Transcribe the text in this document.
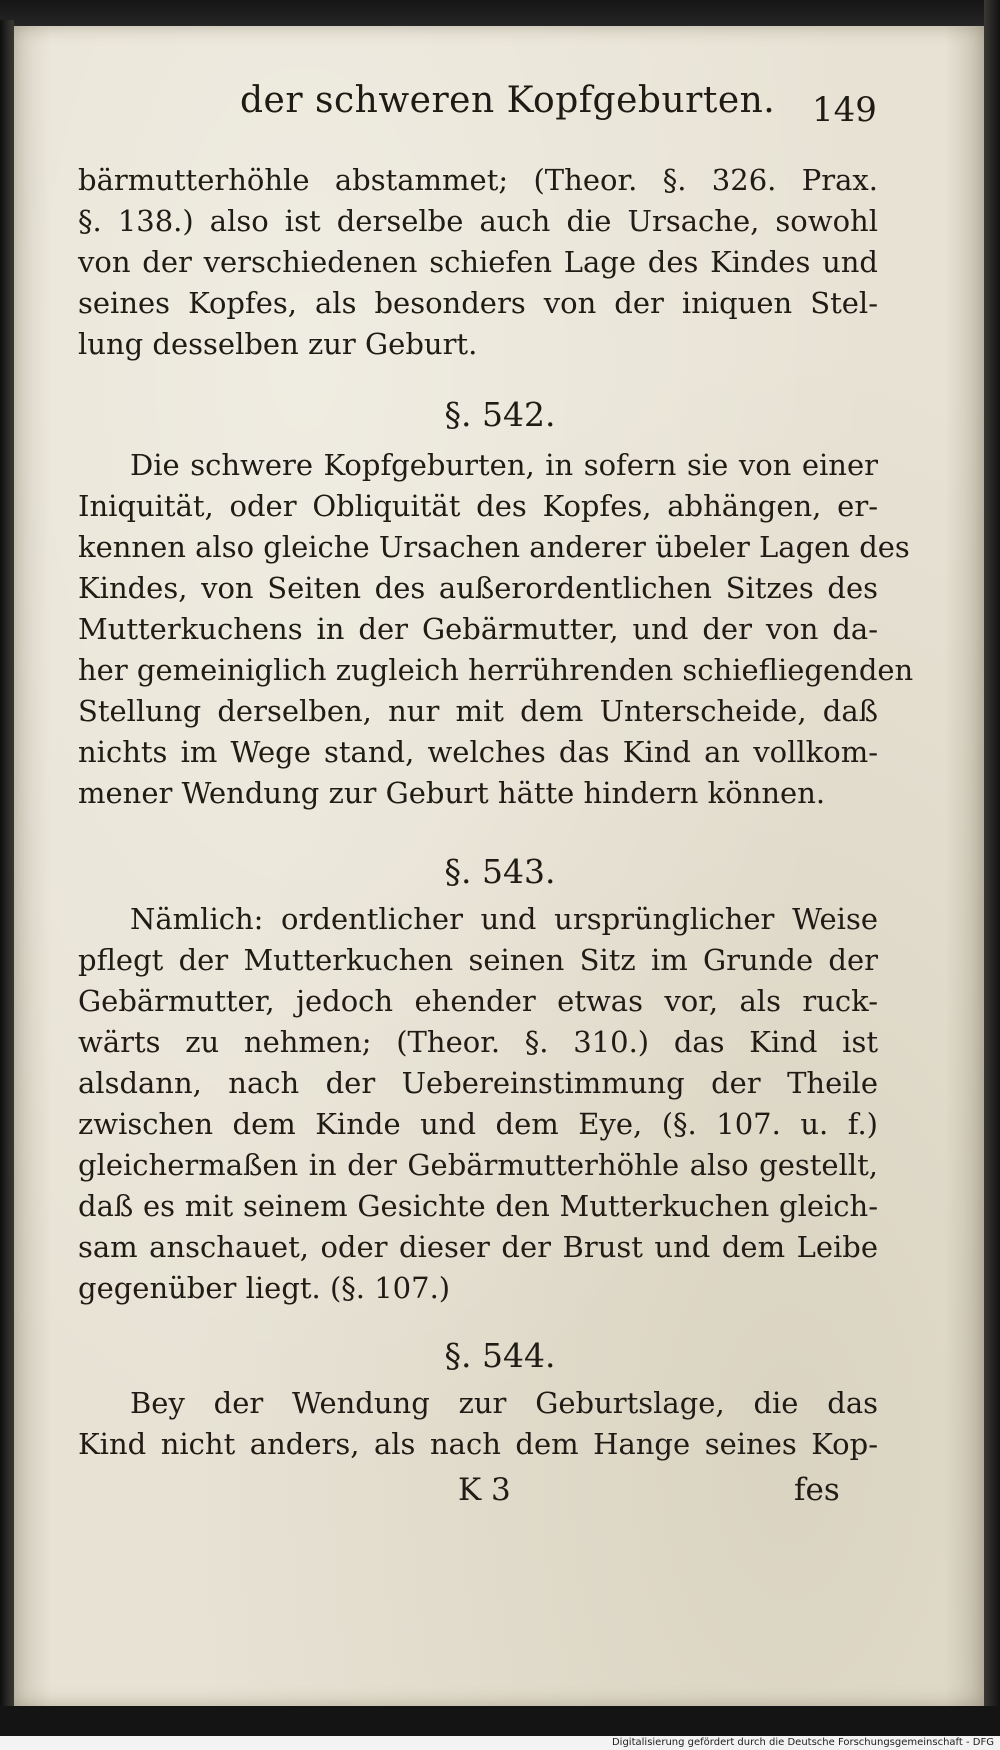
der schweren Kopfgeburten. 149
bärmutterhöhle abstammet; (Theor. §. 326. Prax.
§. 138.) also ist derselbe auch die Ursache, sowohl
von der verschiedenen schiefen Lage des Kindes und
seines Kopfes, als besonders von der iniquen Stel-
lung desselben zur Geburt.
§. 542.
Die schwere Kopfgeburten, in sofern sie von einer
Iniquität, oder Obliquität des Kopfes, abhängen, er-
kennen also gleiche Ursachen anderer übeler Lagen des
Kindes, von Seiten des außerordentlichen Sitzes des
Mutterkuchens in der Gebärmutter, und der von da-
her gemeiniglich zugleich herrührenden schiefliegenden
Stellung derselben, nur mit dem Unterscheide, daß
nichts im Wege stand, welches das Kind an vollkom-
mener Wendung zur Geburt hätte hindern können.
§. 543.
Nämlich: ordentlicher und ursprünglicher Weise
pflegt der Mutterkuchen seinen Sitz im Grunde der
Gebärmutter, jedoch ehender etwas vor, als ruck-
wärts zu nehmen; (Theor. §. 310.) das Kind ist
alsdann, nach der Uebereinstimmung der Theile
zwischen dem Kinde und dem Eye, (§. 107. u. f.)
gleichermaßen in der Gebärmutterhöhle also gestellt,
daß es mit seinem Gesichte den Mutterkuchen gleich-
sam anschauet, oder dieser der Brust und dem Leibe
gegenüber liegt. (§. 107.)
§. 544.
Bey der Wendung zur Geburtslage, die das
Kind nicht anders, als nach dem Hange seines Kop-
K 3	fes
Digitalisierung gefördert durch die Deutsche Forschungsgemeinschaft - DFG
